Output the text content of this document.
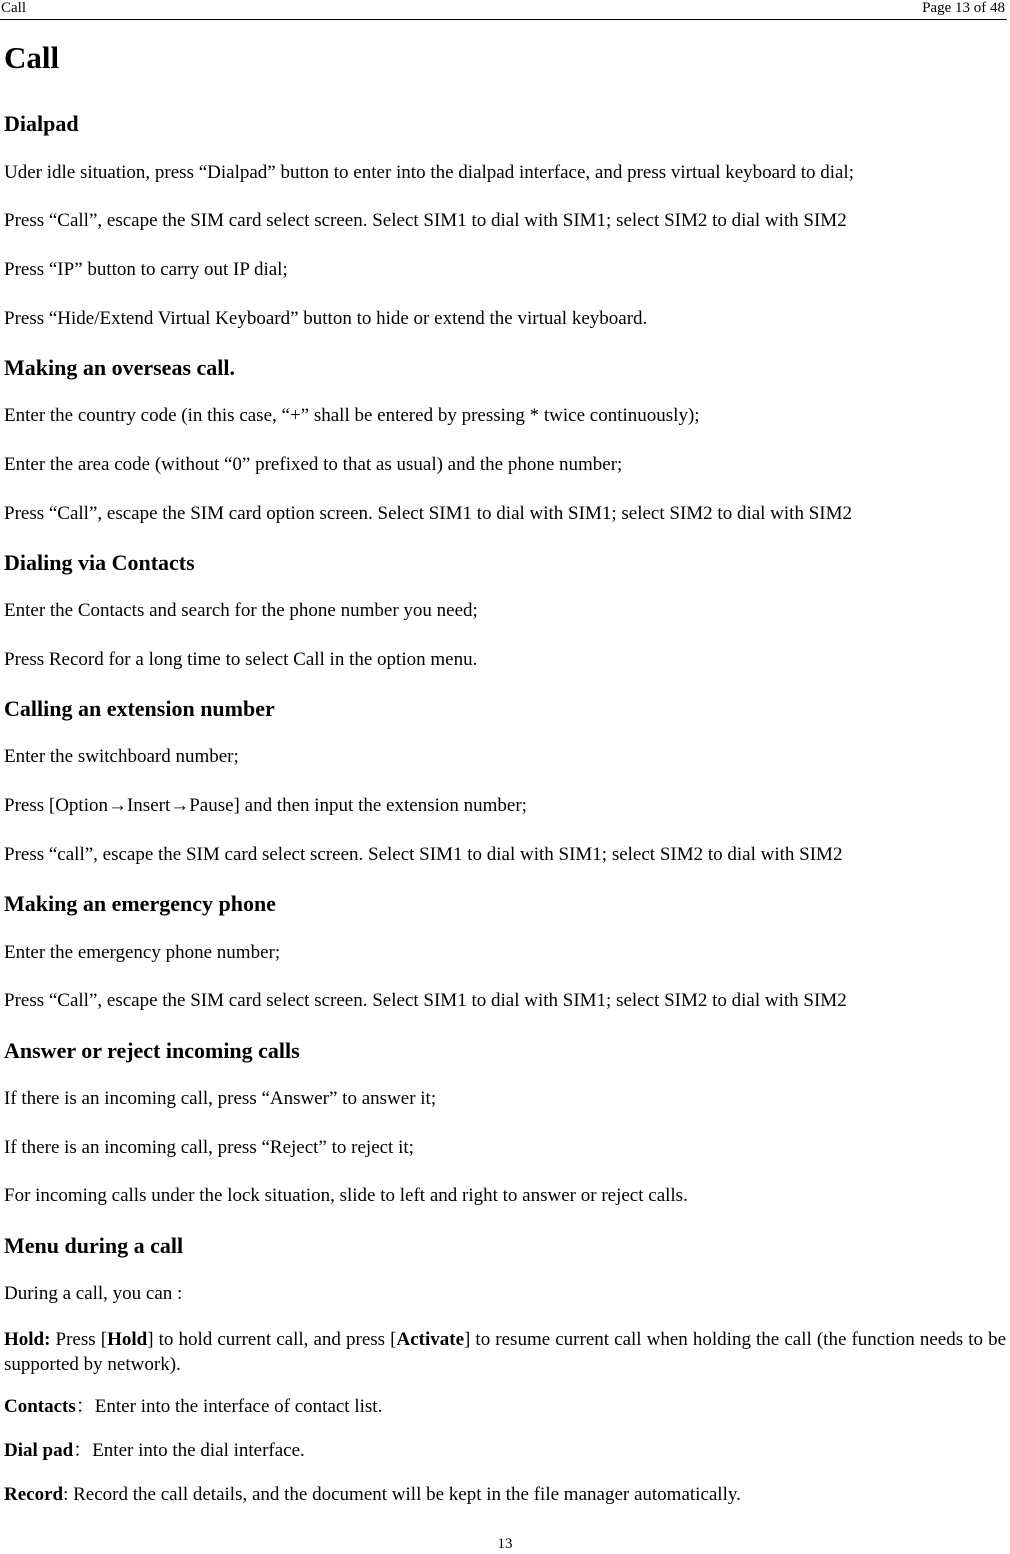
Call	Page 13 of 48
Call
Dialpad

Uder idle situation, press “Dialpad” button to enter into the dialpad interface, and press virtual keyboard to dial;

Press “Call”, escape the SIM card select screen. Select SIM1 to dial with SIM1; select SIM2 to dial with SIM2

Press “IP” button to carry out IP dial;

Press “Hide/Extend Virtual Keyboard” button to hide or extend the virtual keyboard.

Making an overseas call.

Enter the country code (in this case, “+” shall be entered by pressing * twice continuously);

Enter the area code (without “0” prefixed to that as usual) and the phone number;

Press “Call”, escape the SIM card option screen. Select SIM1 to dial with SIM1; select SIM2 to dial with SIM2

Dialing via Contacts

Enter the Contacts and search for the phone number you need;

Press Record for a long time to select Call in the option menu.

Calling an extension number

Enter the switchboard number;

Press [Option→Insert→Pause] and then input the extension number;

Press “call”, escape the SIM card select screen. Select SIM1 to dial with SIM1; select SIM2 to dial with SIM2

Making an emergency phone

Enter the emergency phone number;

Press “Call”, escape the SIM card select screen. Select SIM1 to dial with SIM1; select SIM2 to dial with SIM2

Answer or reject incoming calls

If there is an incoming call, press “Answer” to answer it;

If there is an incoming call, press “Reject” to reject it;

For incoming calls under the lock situation, slide to left and right to answer or reject calls.

Menu during a call

During a call, you can :

Hold: Press [Hold] to hold current call, and press [Activate] to resume current call when holding the call (the function needs to be supported by network).

Contacts：Enter into the interface of contact list.

Dial pad：Enter into the dial interface.

Record: Record the call details, and the document will be kept in the file manager automatically.

13
